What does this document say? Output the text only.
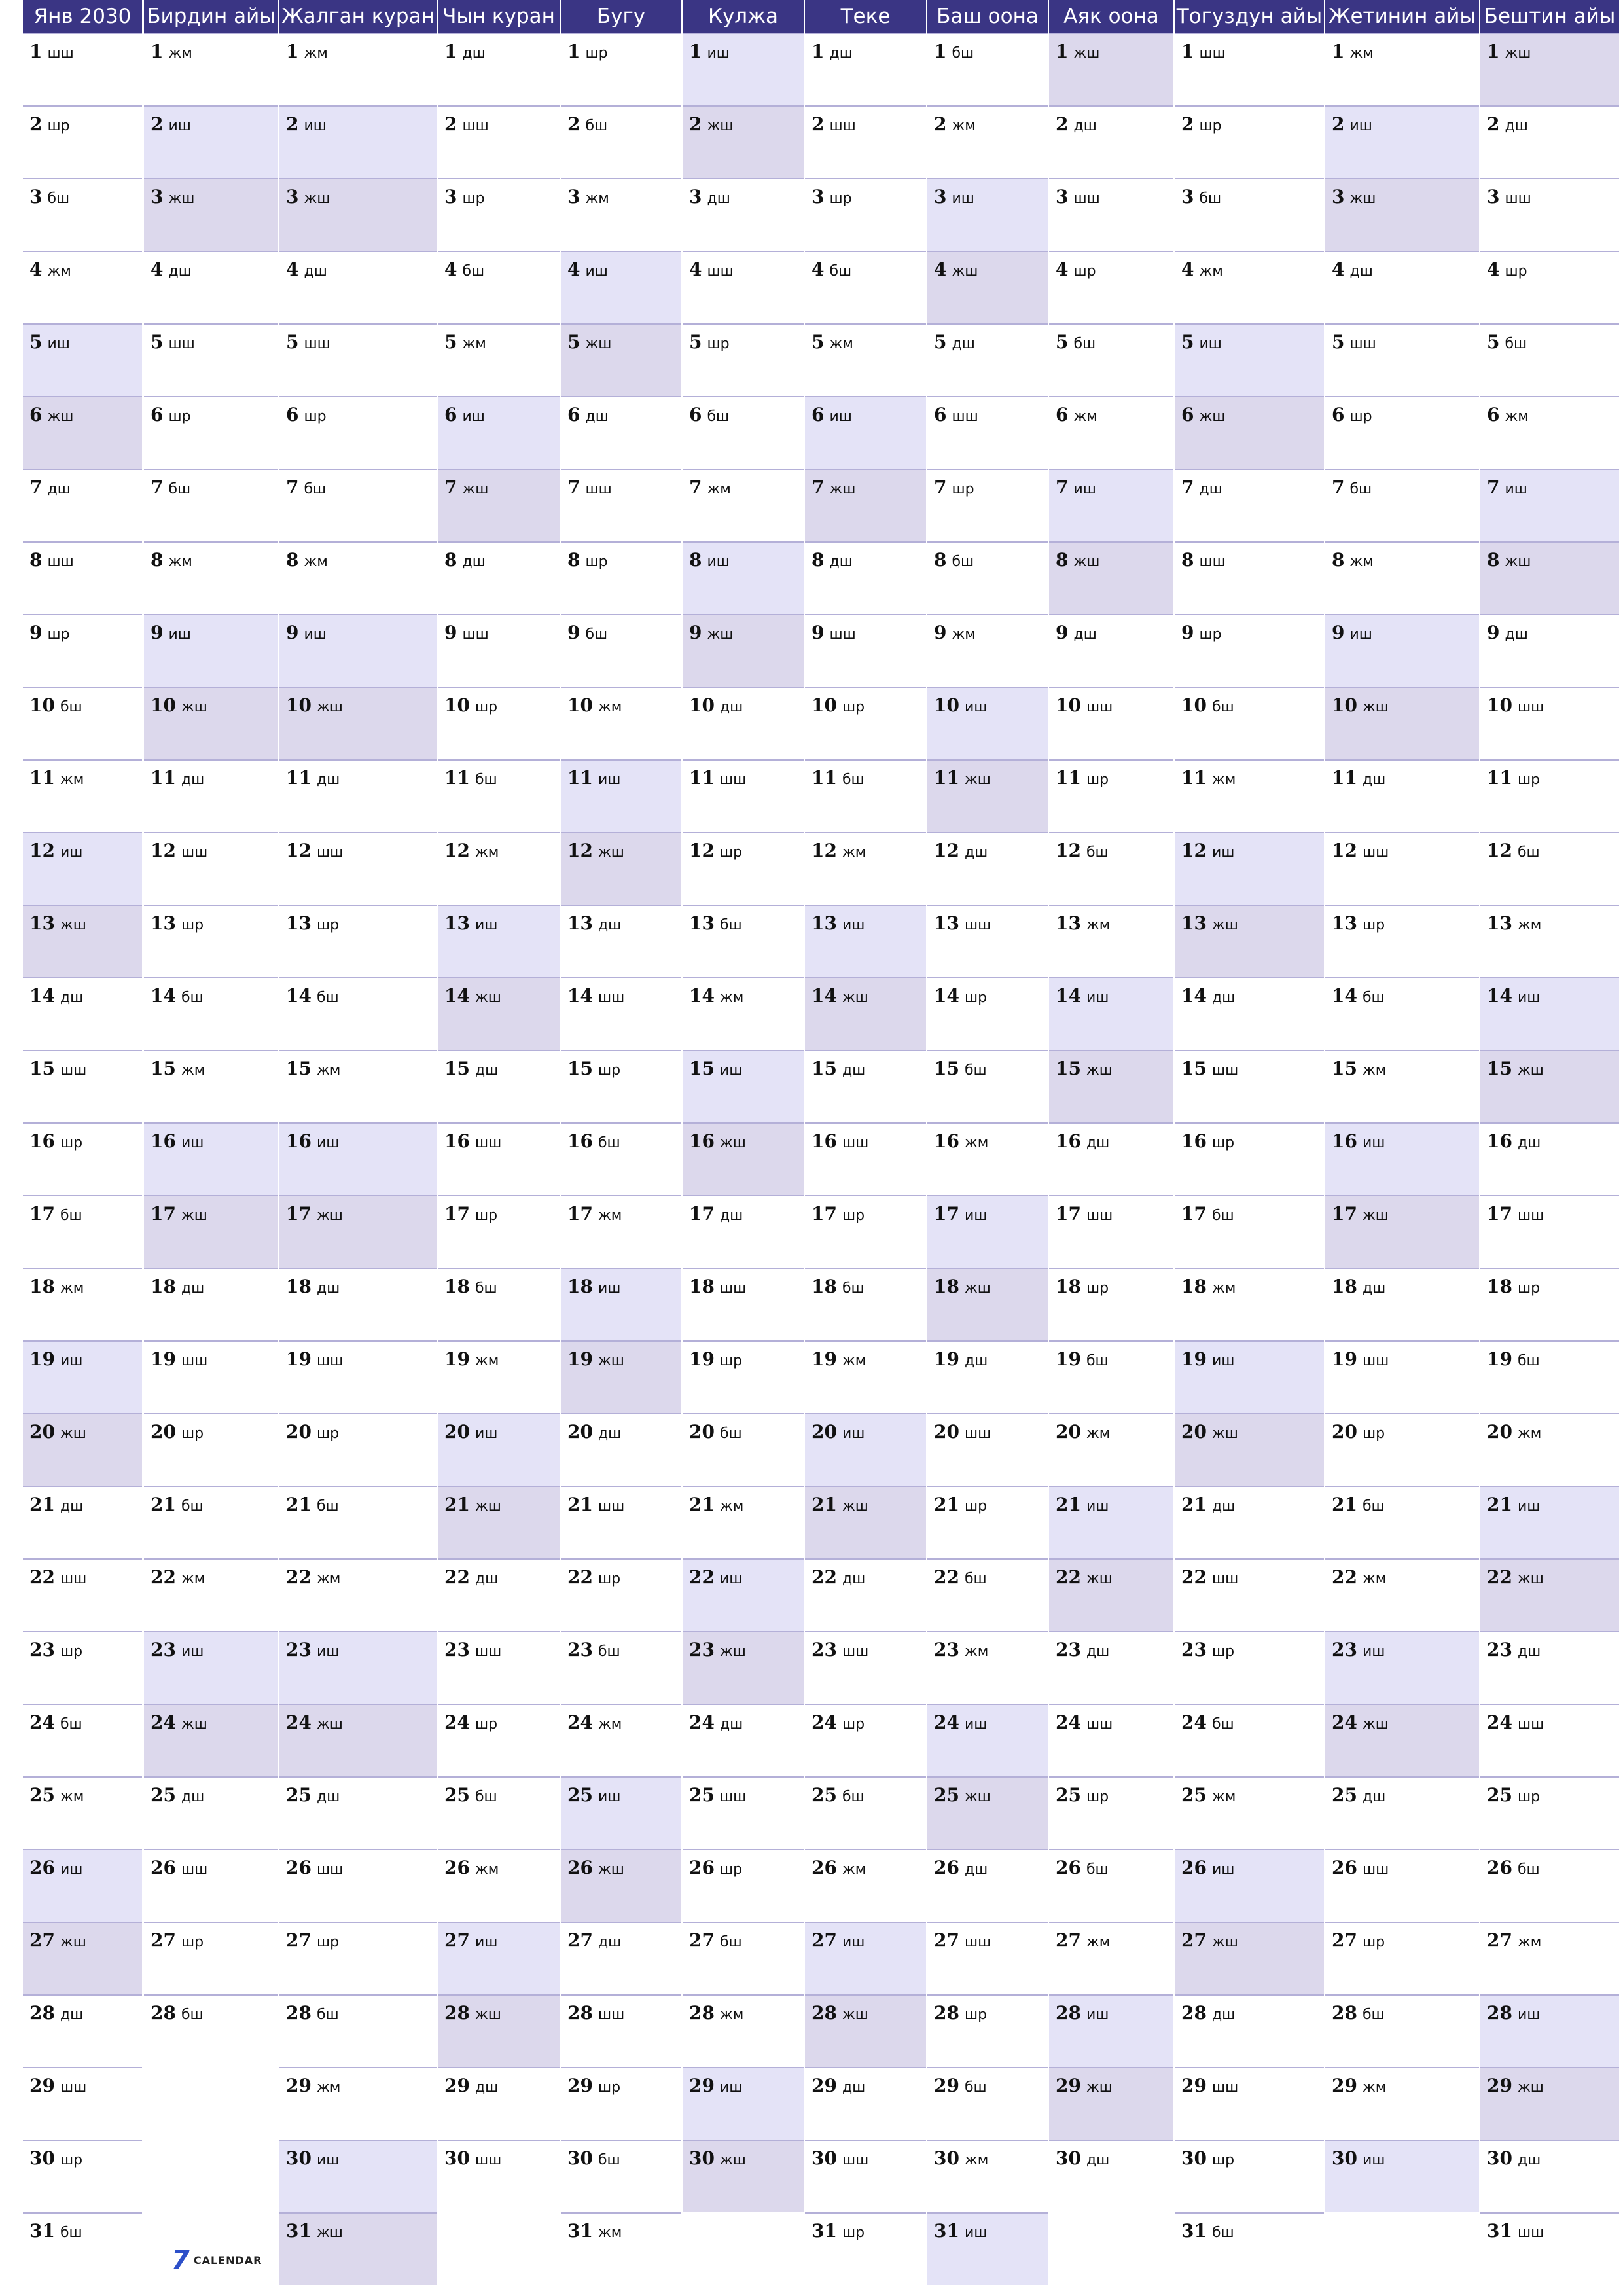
Янв 2030
1 шш
2 шр
3 бш
4 жм
5 иш
6 жш
7 дш
8 шш
9 шр
10 бш
11 жм
12 иш
13 жш
14 дш
15 шш
16 шр
17 бш
18 жм
19 иш
20 жш
21 дш
22 шш
23 шр
24 бш
25 жм
26 иш
27 жш
28 дш
29 шш
30 шр
31 бш
Бирдин айы
1 жм
2 иш
3 жш
4 дш
5 шш
6 шр
7 бш
8 жм
9 иш
10 жш
11 дш
12 шш
13 шр
14 бш
15 жм
16 иш
17 жш
18 дш
19 шш
20 шр
21 бш
22 жм
23 иш
24 жш
25 дш
26 шш
27 шр
28 бш
Жалган куран
1 жм
2 иш
3 жш
4 дш
5 шш
6 шр
7 бш
8 жм
9 иш
10 жш
11 дш
12 шш
13 шр
14 бш
15 жм
16 иш
17 жш
18 дш
19 шш
20 шр
21 бш
22 жм
23 иш
24 жш
25 дш
26 шш
27 шр
28 бш
29 жм
30 иш
31 жш
Чын куран
1 дш
2 шш
3 шр
4 бш
5 жм
6 иш
7 жш
8 дш
9 шш
10 шр
11 бш
12 жм
13 иш
14 жш
15 дш
16 шш
17 шр
18 бш
19 жм
20 иш
21 жш
22 дш
23 шш
24 шр
25 бш
26 жм
27 иш
28 жш
29 дш
30 шш
Бугу
1 шр
2 бш
3 жм
4 иш
5 жш
6 дш
7 шш
8 шр
9 бш
10 жм
11 иш
12 жш
13 дш
14 шш
15 шр
16 бш
17 жм
18 иш
19 жш
20 дш
21 шш
22 шр
23 бш
24 жм
25 иш
26 жш
27 дш
28 шш
29 шр
30 бш
31 жм
Кулжа
1 иш
2 жш
3 дш
4 шш
5 шр
6 бш
7 жм
8 иш
9 жш
10 дш
11 шш
12 шр
13 бш
14 жм
15 иш
16 жш
17 дш
18 шш
19 шр
20 бш
21 жм
22 иш
23 жш
24 дш
25 шш
26 шр
27 бш
28 жм
29 иш
30 жш
Теке
1 дш
2 шш
3 шр
4 бш
5 жм
6 иш
7 жш
8 дш
9 шш
10 шр
11 бш
12 жм
13 иш
14 жш
15 дш
16 шш
17 шр
18 бш
19 жм
20 иш
21 жш
22 дш
23 шш
24 шр
25 бш
26 жм
27 иш
28 жш
29 дш
30 шш
31 шр
Баш оона
1 бш
2 жм
3 иш
4 жш
5 дш
6 шш
7 шр
8 бш
9 жм
10 иш
11 жш
12 дш
13 шш
14 шр
15 бш
16 жм
17 иш
18 жш
19 дш
20 шш
21 шр
22 бш
23 жм
24 иш
25 жш
26 дш
27 шш
28 шр
29 бш
30 жм
31 иш
Аяк оона
1 жш
2 дш
3 шш
4 шр
5 бш
6 жм
7 иш
8 жш
9 дш
10 шш
11 шр
12 бш
13 жм
14 иш
15 жш
16 дш
17 шш
18 шр
19 бш
20 жм
21 иш
22 жш
23 дш
24 шш
25 шр
26 бш
27 жм
28 иш
29 жш
30 дш
Тогуздун айы
1 шш
2 шр
3 бш
4 жм
5 иш
6 жш
7 дш
8 шш
9 шр
10 бш
11 жм
12 иш
13 жш
14 дш
15 шш
16 шр
17 бш
18 жм
19 иш
20 жш
21 дш
22 шш
23 шр
24 бш
25 жм
26 иш
27 жш
28 дш
29 шш
30 шр
31 бш
Жетинин айы
1 жм
2 иш
3 жш
4 дш
5 шш
6 шр
7 бш
8 жм
9 иш
10 жш
11 дш
12 шш
13 шр
14 бш
15 жм
16 иш
17 жш
18 дш
19 шш
20 шр
21 бш
22 жм
23 иш
24 жш
25 дш
26 шш
27 шр
28 бш
29 жм
30 иш
Бештин айы
1 жш
2 дш
3 шш
4 шр
5 бш
6 жм
7 иш
8 жш
9 дш
10 шш
11 шр
12 бш
13 жм
14 иш
15 жш
16 дш
17 шш
18 шр
19 бш
20 жм
21 иш
22 жш
23 дш
24 шш
25 шр
26 бш
27 жм
28 иш
29 жш
30 дш
31 шш
7 CALENDAR
